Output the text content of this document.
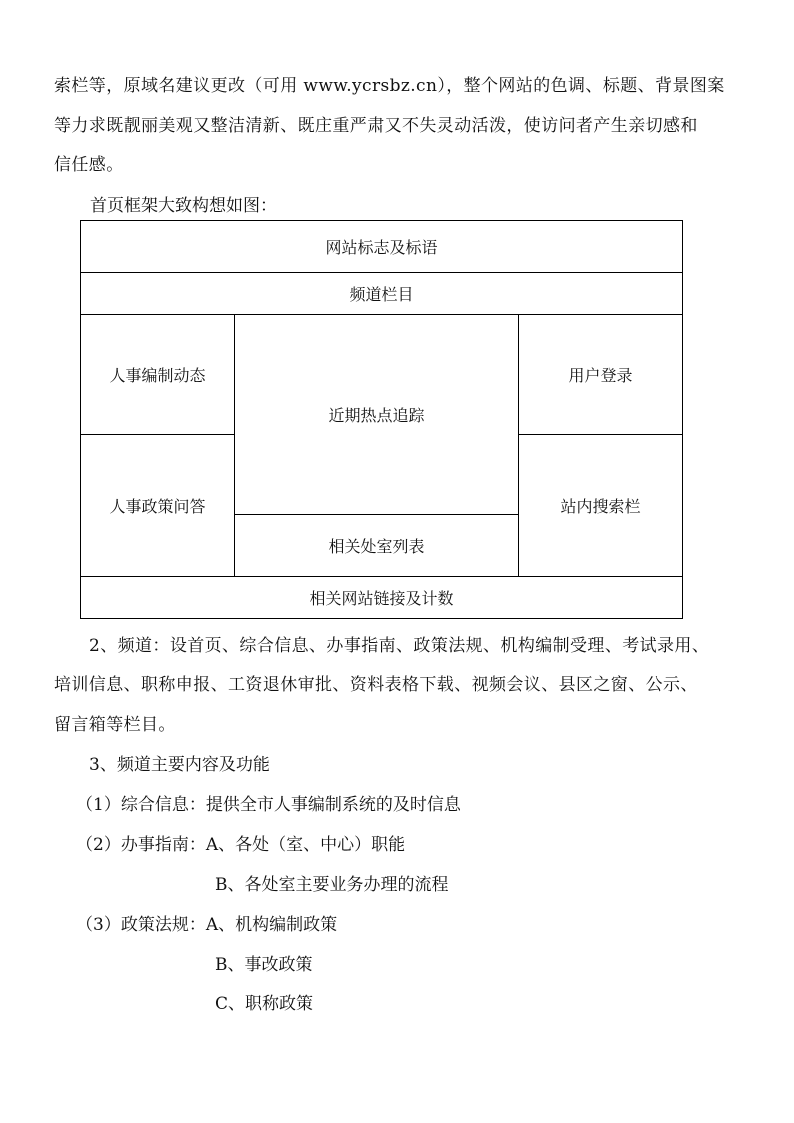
索栏等，原域名建议更改（可用 www.ycrsbz.cn），整个网站的色调、标题、背景图案
等力求既靓丽美观又整洁清新、既庄重严肃又不失灵动活泼，使访问者产生亲切感和
信任感。
首页框架大致构想如图：
网站标志及标语		
频道栏目		
人事编制动态	近期热点追踪	用户登录
人事政策问答		站内搜索栏
	相关处室列表	
相关网站链接及计数		
2、频道：设首页、综合信息、办事指南、政策法规、机构编制受理、考试录用、
培训信息、职称申报、工资退休审批、资料表格下载、视频会议、县区之窗、公示、
留言箱等栏目。
3、频道主要内容及功能
（1）综合信息：提供全市人事编制系统的及时信息
（2）办事指南：A、各处（室、中心）职能
B、各处室主要业务办理的流程
（3）政策法规：A、机构编制政策
B、事改政策
C、职称政策
